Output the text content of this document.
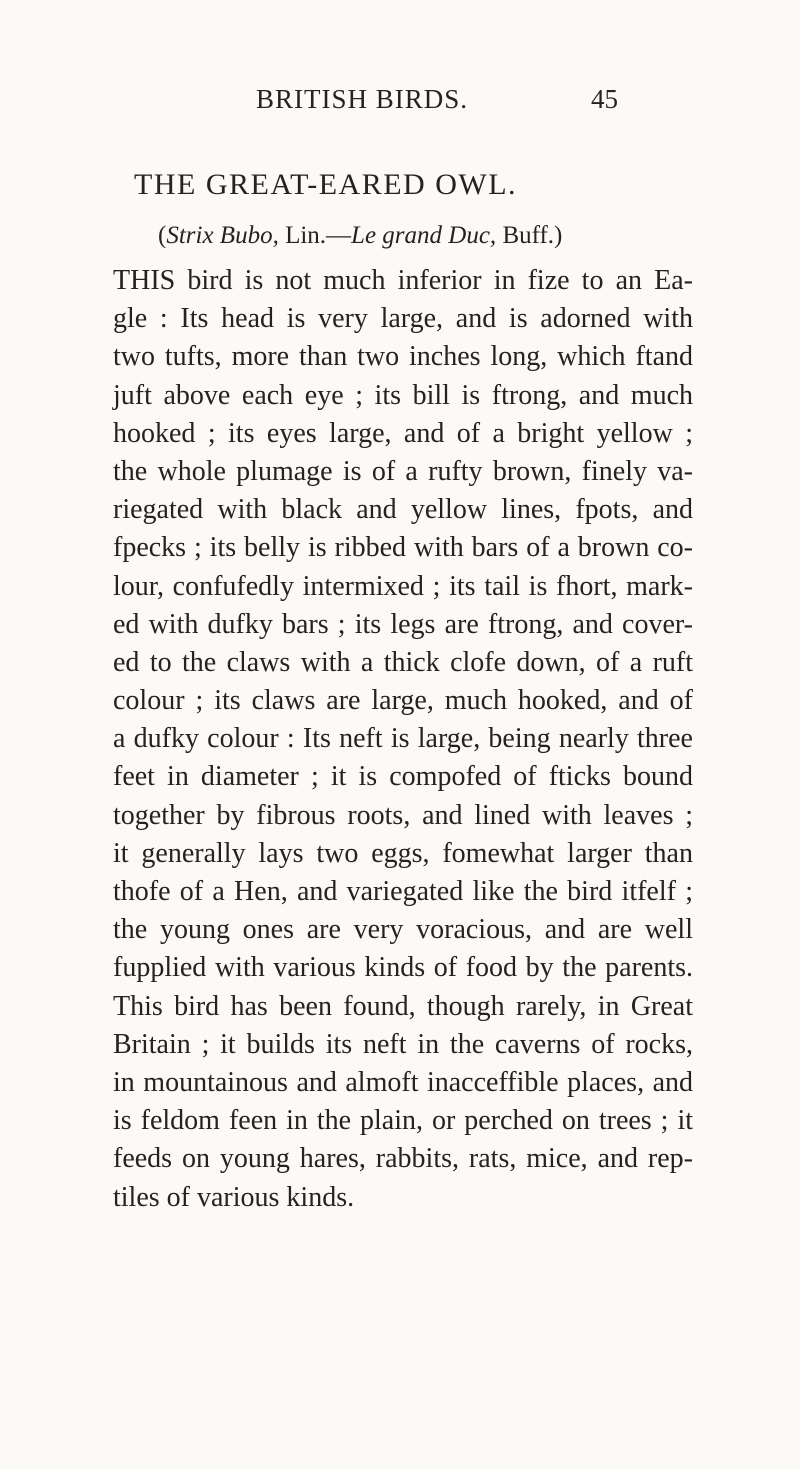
BRITISH BIRDS.	45
THE GREAT-EARED OWL.
(Strix Bubo, Lin.—Le grand Duc, Buff.)
THIS bird is not much inferior in fize to an Ea-
gle : Its head is very large, and is adorned with
two tufts, more than two inches long, which ftand
juft above each eye ; its bill is ftrong, and much
hooked ; its eyes large, and of a bright yellow ;
the whole plumage is of a rufty brown, finely va-
riegated with black and yellow lines, fpots, and
fpecks ; its belly is ribbed with bars of a brown co-
lour, confufedly intermixed ; its tail is fhort, mark-
ed with dufky bars ; its legs are ftrong, and cover-
ed to the claws with a thick clofe down, of a ruft
colour ; its claws are large, much hooked, and of
a dufky colour : Its neft is large, being nearly three
feet in diameter ; it is compofed of fticks bound
together by fibrous roots, and lined with leaves ;
it generally lays two eggs, fomewhat larger than
thofe of a Hen, and variegated like the bird itfelf ;
the young ones are very voracious, and are well
fupplied with various kinds of food by the parents.
This bird has been found, though rarely, in Great
Britain ; it builds its neft in the caverns of rocks,
in mountainous and almoft inacceffible places, and
is feldom feen in the plain, or perched on trees ; it
feeds on young hares, rabbits, rats, mice, and rep-
tiles of various kinds.
